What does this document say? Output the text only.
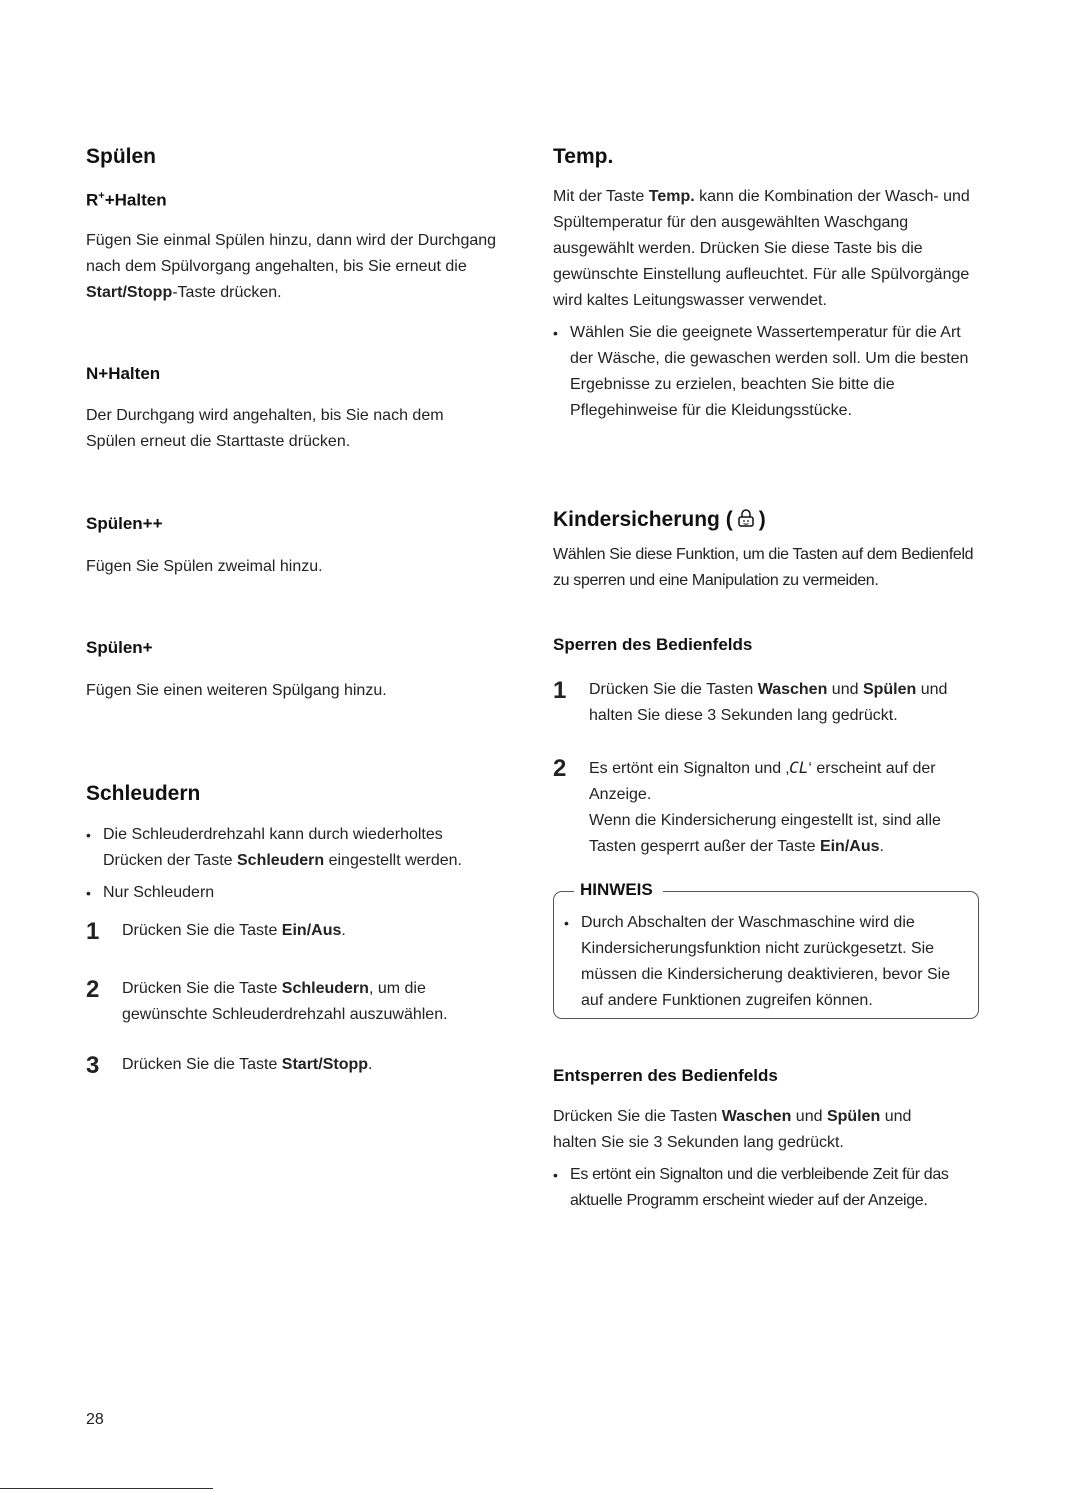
Spülen
R++Halten

Fügen Sie einmal Spülen hinzu, dann wird der Durchgang nach dem Spülvorgang angehalten, bis Sie erneut die Start/Stopp-Taste drücken.

N+Halten

Der Durchgang wird angehalten, bis Sie nach dem Spülen erneut die Starttaste drücken.

Spülen++

Fügen Sie Spülen zweimal hinzu.

Spülen+

Fügen Sie einen weiteren Spülgang hinzu.

Schleudern
• Die Schleuderdrehzahl kann durch wiederholtes Drücken der Taste Schleudern eingestellt werden.
• Nur Schleudern
1 Drücken Sie die Taste Ein/Aus.
2 Drücken Sie die Taste Schleudern, um die gewünschte Schleuderdrehzahl auszuwählen.
3 Drücken Sie die Taste Start/Stopp.
Temp.

Mit der Taste Temp. kann die Kombination der Wasch- und Spültemperatur für den ausgewählten Waschgang ausgewählt werden. Drücken Sie diese Taste bis die gewünschte Einstellung aufleuchtet. Für alle Spülvorgänge wird kaltes Leitungswasser verwendet.

• Wählen Sie die geeignete Wassertemperatur für die Art der Wäsche, die gewaschen werden soll. Um die besten Ergebnisse zu erzielen, beachten Sie bitte die Pflegehinweise für die Kleidungsstücke.
Kindersicherung ( )

Wählen Sie diese Funktion, um die Tasten auf dem Bedienfeld zu sperren und eine Manipulation zu vermeiden.

Sperren des Bedienfelds
1 Drücken Sie die Tasten Waschen und Spülen und halten Sie diese 3 Sekunden lang gedrückt.
2 Es ertönt ein Signalton und ‚CL‘ erscheint auf der Anzeige.
Wenn die Kindersicherung eingestellt ist, sind alle Tasten gesperrt außer der Taste Ein/Aus.
HINWEIS
• Durch Abschalten der Waschmaschine wird die Kindersicherungsfunktion nicht zurückgesetzt. Sie müssen die Kindersicherung deaktivieren, bevor Sie auf andere Funktionen zugreifen können.
Entsperren des Bedienfelds

Drücken Sie die Tasten Waschen und Spülen und halten Sie sie 3 Sekunden lang gedrückt.

• Es ertönt ein Signalton und die verbleibende Zeit für das aktuelle Programm erscheint wieder auf der Anzeige.
28
